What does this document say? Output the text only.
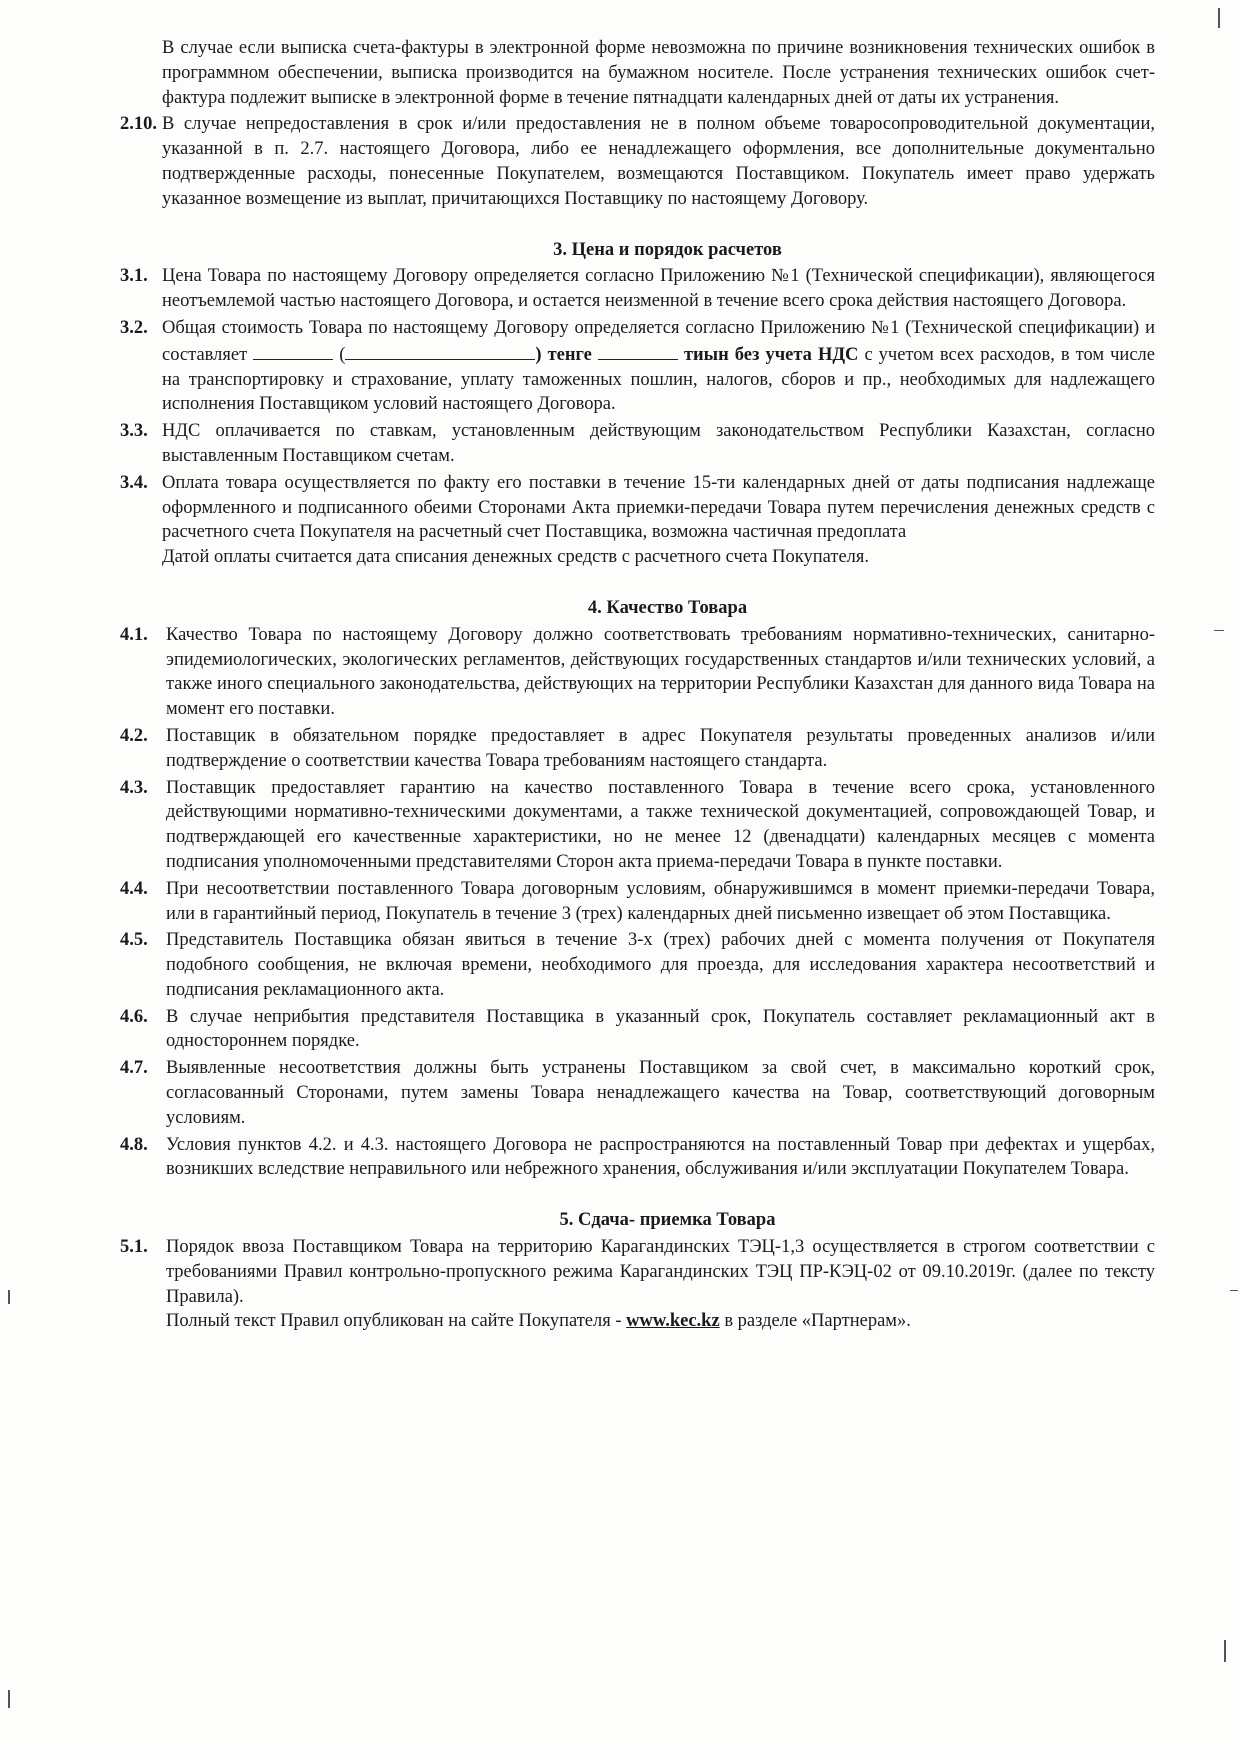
В случае если выписка счета-фактуры в электронной форме невозможна по причине возникновения технических ошибок в программном обеспечении, выписка производится на бумажном носителе. После устранения технических ошибок счет-фактура подлежит выписке в электронной форме в течение пятнадцати календарных дней от даты их устранения.

2.10. В случае непредоставления в срок и/или предоставления не в полном объеме товаросопроводительной документации, указанной в п. 2.7. настоящего Договора, либо ее ненадлежащего оформления, все дополнительные документально подтвержденные расходы, понесенные Покупателем, возмещаются Поставщиком. Покупатель имеет право удержать указанное возмещение из выплат, причитающихся Поставщику по настоящему Договору.

3. Цена и порядок расчетов
3.1. Цена Товара по настоящему Договору определяется согласно Приложению №1 (Технической спецификации), являющегося неотъемлемой частью настоящего Договора, и остается неизменной в течение всего срока действия настоящего Договора.

3.2. Общая стоимость Товара по настоящему Договору определяется согласно Приложению №1 (Технической спецификации) и составляет	(	) тенге	тиын без учета НДС с учетом всех расходов, в том числе на транспортировку и страхование, уплату таможенных пошлин, налогов, сборов и пр., необходимых для надлежащего исполнения Поставщиком условий настоящего Договора.

3.3. НДС оплачивается по ставкам, установленным действующим законодательством Республики Казахстан, согласно выставленным Поставщиком счетам.

3.4. Оплата товара осуществляется по факту его поставки в течение 15-ти календарных дней от даты подписания надлежаще оформленного и подписанного обеими Сторонами Акта приемки-передачи Товара путем перечисления денежных средств с расчетного счета Покупателя на расчетный счет Поставщика, возможна частичная предоплата

Датой оплаты считается дата списания денежных средств с расчетного счета Покупателя.

4. Качество Товара
4.1. Качество Товара по настоящему Договору должно соответствовать требованиям нормативно-технических, санитарно-эпидемиологических, экологических регламентов, действующих государственных стандартов и/или технических условий, а также иного специального законодательства, действующих на территории Республики Казахстан для данного вида Товара на момент его поставки.

4.2. Поставщик в обязательном порядке предоставляет в адрес Покупателя результаты проведенных анализов и/или подтверждение о соответствии качества Товара требованиям настоящего стандарта.

4.3. Поставщик предоставляет гарантию на качество поставленного Товара в течение всего срока, установленного действующими нормативно-техническими документами, а также технической документацией, сопровождающей Товар, и подтверждающей его качественные характеристики, но не менее 12 (двенадцати) календарных месяцев с момента подписания уполномоченными представителями Сторон акта приема-передачи Товара в пункте поставки.

4.4. При несоответствии поставленного Товара договорным условиям, обнаружившимся в момент приемки-передачи Товара, или в гарантийный период, Покупатель в течение 3 (трех) календарных дней письменно извещает об этом Поставщика.

4.5. Представитель Поставщика обязан явиться в течение 3-х (трех) рабочих дней с момента получения от Покупателя подобного сообщения, не включая времени, необходимого для проезда, для исследования характера несоответствий и подписания рекламационного акта.

4.6. В случае неприбытия представителя Поставщика в указанный срок, Покупатель составляет рекламационный акт в одностороннем порядке.

4.7. Выявленные несоответствия должны быть устранены Поставщиком за свой счет, в максимально короткий срок, согласованный Сторонами, путем замены Товара ненадлежащего качества на Товар, соответствующий договорным условиям.

4.8. Условия пунктов 4.2. и 4.3. настоящего Договора не распространяются на поставленный Товар при дефектах и ущербах, возникших вследствие неправильного или небрежного хранения, обслуживания и/или эксплуатации Покупателем Товара.

5. Сдача- приемка Товара
5.1. Порядок ввоза Поставщиком Товара на территорию Карагандинских ТЭЦ-1,3 осуществляется в строгом соответствии с требованиями Правил контрольно-пропускного режима Карагандинских ТЭЦ ПР-КЭЦ-02 от 09.10.2019г. (далее по тексту Правила).

Полный текст Правил опубликован на сайте Покупателя - www.kec.kz в разделе «Партнерам».
